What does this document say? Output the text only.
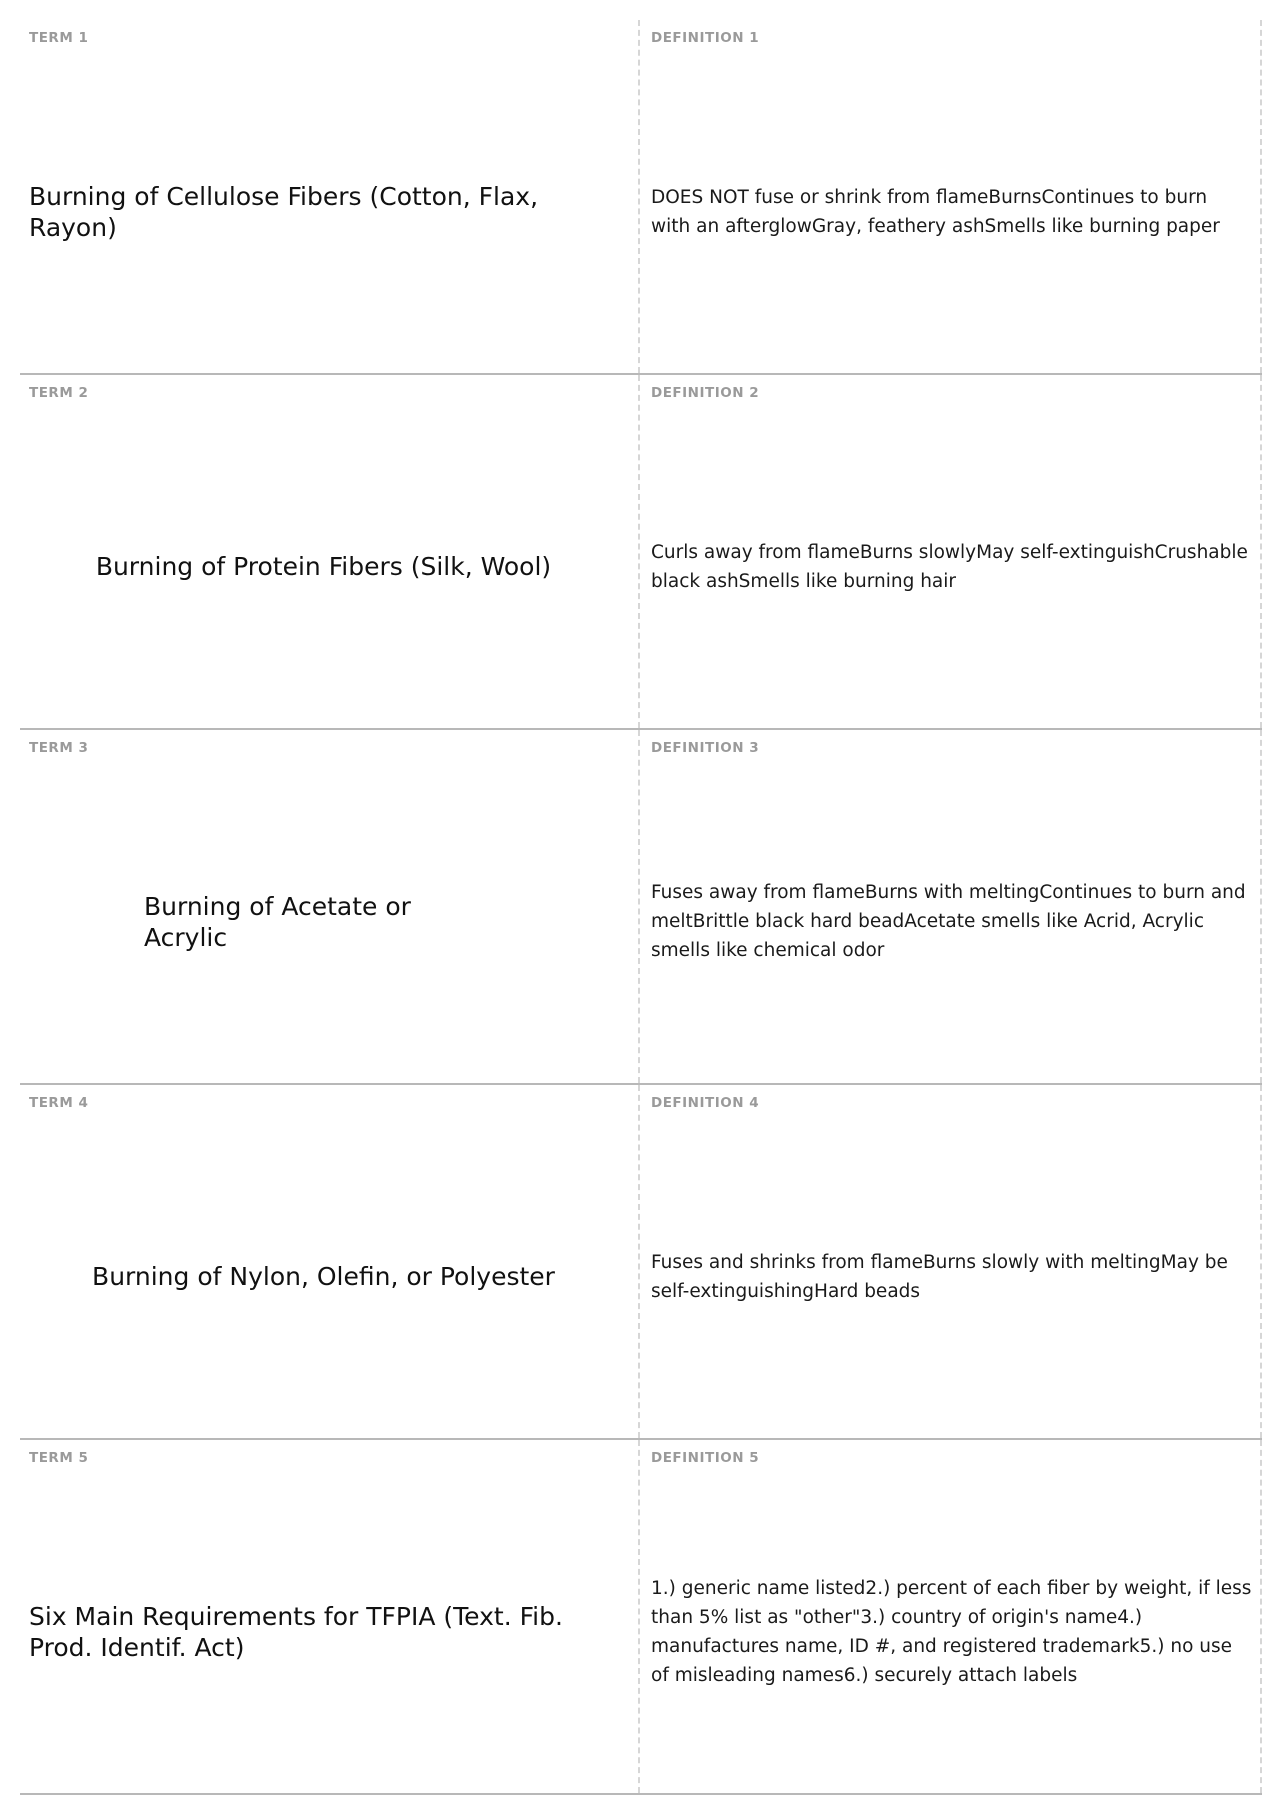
TERM 1
Burning of Cellulose Fibers (Cotton, Flax, Rayon)
DEFINITION 1
DOES NOT fuse or shrink from flameBurnsContinues to burn with an afterglowGray, feathery ashSmells like burning paper
TERM 2
Burning of Protein Fibers (Silk, Wool)
DEFINITION 2
Curls away from flameBurns slowlyMay self-extinguishCrushable black ashSmells like burning hair
TERM 3
Burning of Acetate or Acrylic
DEFINITION 3
Fuses away from flameBurns with meltingContinues to burn and meltBrittle black hard beadAcetate smells like Acrid, Acrylic smells like chemical odor
TERM 4
Burning of Nylon, Olefin, or Polyester
DEFINITION 4
Fuses and shrinks from flameBurns slowly with meltingMay be self-extinguishingHard beads
TERM 5
Six Main Requirements for TFPIA (Text. Fib. Prod. Identif. Act)
DEFINITION 5
1.) generic name listed2.) percent of each fiber by weight, if less than 5% list as "other"3.) country of origin's name4.) manufactures name, ID #, and registered trademark5.) no use of misleading names6.) securely attach labels
